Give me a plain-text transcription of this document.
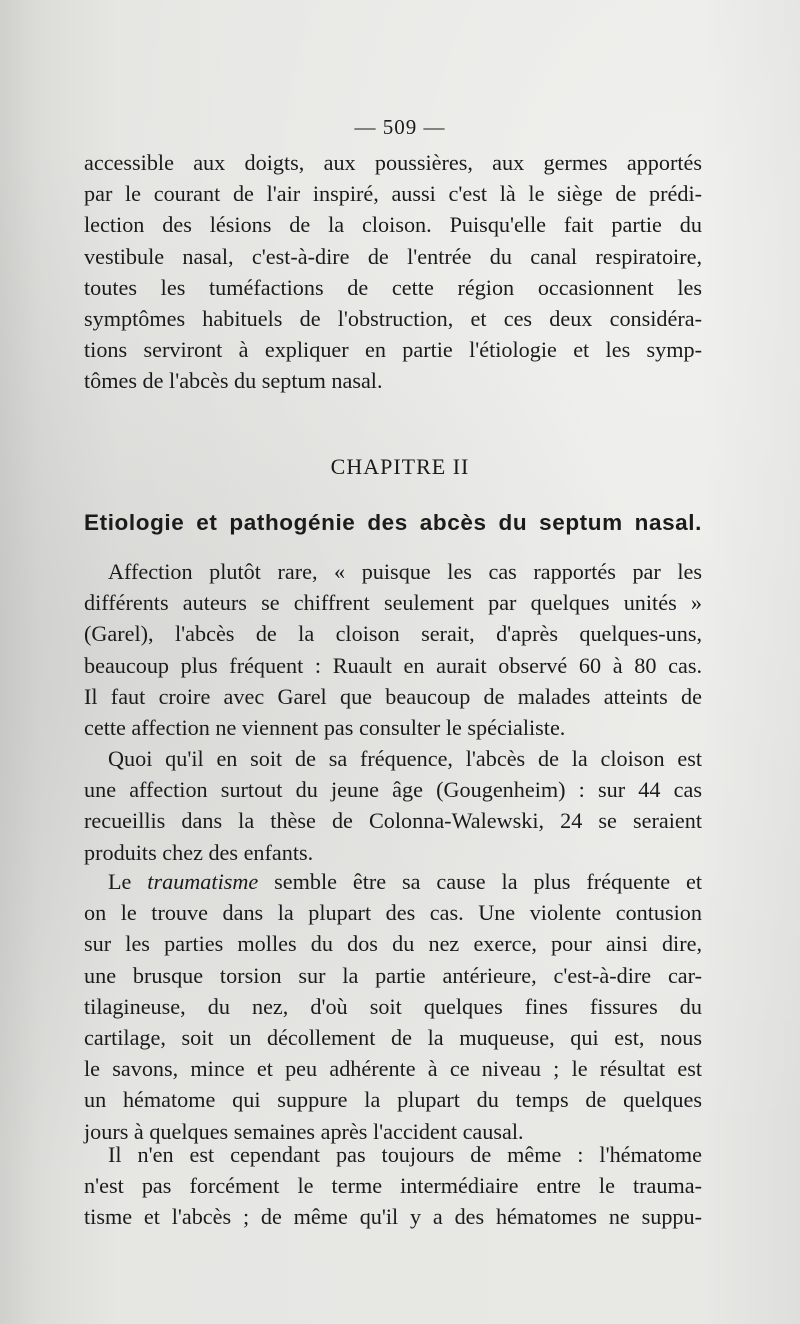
— 509 —
accessible aux doigts, aux poussières, aux germes apportés
par le courant de l'air inspiré, aussi c'est là le siège de prédi-
lection des lésions de la cloison. Puisqu'elle fait partie du
vestibule nasal, c'est-à-dire de l'entrée du canal respiratoire,
toutes les tuméfactions de cette région occasionnent les
symptômes habituels de l'obstruction, et ces deux considéra-
tions serviront à expliquer en partie l'étiologie et les symp-
tômes de l'abcès du septum nasal.
CHAPITRE II
Etiologie et pathogénie des abcès du septum nasal.
Affection plutôt rare, « puisque les cas rapportés par les
différents auteurs se chiffrent seulement par quelques unités »
(Garel), l'abcès de la cloison serait, d'après quelques-uns,
beaucoup plus fréquent : Ruault en aurait observé 60 à 80 cas.
Il faut croire avec Garel que beaucoup de malades atteints de
cette affection ne viennent pas consulter le spécialiste.
Quoi qu'il en soit de sa fréquence, l'abcès de la cloison est
une affection surtout du jeune âge (Gougenheim) : sur 44 cas
recueillis dans la thèse de Colonna-Walewski, 24 se seraient
produits chez des enfants.
Le traumatisme semble être sa cause la plus fréquente et
on le trouve dans la plupart des cas. Une violente contusion
sur les parties molles du dos du nez exerce, pour ainsi dire,
une brusque torsion sur la partie antérieure, c'est-à-dire car-
tilagineuse, du nez, d'où soit quelques fines fissures du
cartilage, soit un décollement de la muqueuse, qui est, nous
le savons, mince et peu adhérente à ce niveau ; le résultat est
un hématome qui suppure la plupart du temps de quelques
jours à quelques semaines après l'accident causal.
Il n'en est cependant pas toujours de même : l'hématome
n'est pas forcément le terme intermédiaire entre le trauma-
tisme et l'abcès ; de même qu'il y a des hématomes ne suppu-
